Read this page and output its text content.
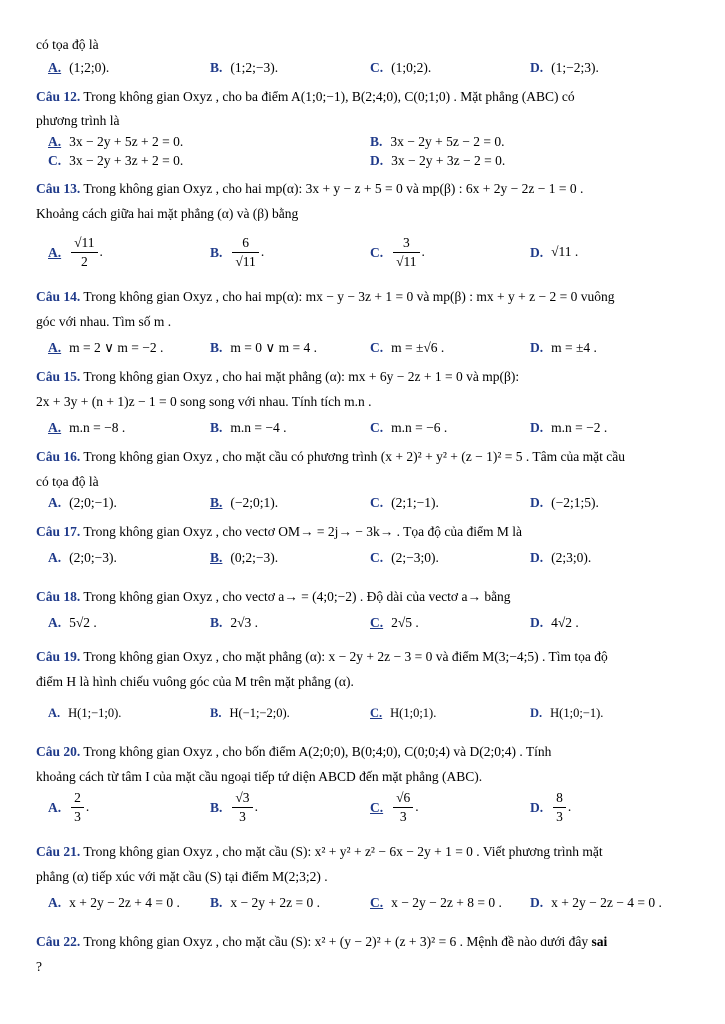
có tọa độ là
A. (1;2;0).	B. (1;2;−3).	C. (1;0;2).	D. (1;−2;3).
Câu 12. Trong không gian Oxyz , cho ba điểm A(1;0;−1), B(2;4;0), C(0;1;0) . Mặt phẳng (ABC) có
phương trình là
A. 3x − 2y + 5z + 2 = 0.	B. 3x − 2y + 5z − 2 = 0.
C. 3x − 2y + 3z + 2 = 0.	D. 3x − 2y + 3z − 2 = 0.
Câu 13. Trong không gian Oxyz , cho hai mp(α): 3x + y − z + 5 = 0 và mp(β) : 6x + 2y − 2z − 1 = 0 .
Khoảng cách giữa hai mặt phẳng (α) và (β) bằng
A. $\frac{√11}{2}$ .	B. $\frac{6}{√11}$ .	C. $\frac{3}{√11}$ .	D. √11 .
Câu 14. Trong không gian Oxyz , cho hai mp(α): mx − y − 3z + 1 = 0 và mp(β) : mx + y + z − 2 = 0 vuông
góc với nhau. Tìm số m .
A. m = 2 ∨ m = −2 .	B. m = 0 ∨ m = 4 .	C. m = ±√6 .	D. m = ±4 .
Câu 15. Trong không gian Oxyz , cho hai mặt phẳng (α): mx + 6y − 2z + 1 = 0 và mp(β):
2x + 3y + (n + 1)z − 1 = 0 song song với nhau. Tính tích m.n .
A. m.n = −8 .	B. m.n = −4 .	C. m.n = −6 .	D. m.n = −2 .
Câu 16. Trong không gian Oxyz , cho mặt cầu có phương trình (x + 2)² + y² + (z − 1)² = 5 . Tâm của mặt cầu
có tọa độ là
A. (2;0;−1).	B. (−2;0;1).	C. (2;1;−1).	D. (−2;1;5).
Câu 17. Trong không gian Oxyz , cho vectơ OM→ = 2j→ − 3k→ . Tọa độ của điểm M là
A. (2;0;−3).	B. (0;2;−3).	C. (2;−3;0).	D. (2;3;0).
Câu 18. Trong không gian Oxyz , cho vectơ a→ = (4;0;−2) . Độ dài của vectơ a→ bằng
A. 5√2 .	B. 2√3 .	C. 2√5 .	D. 4√2 .
Câu 19. Trong không gian Oxyz , cho mặt phẳng (α): x − 2y + 2z − 3 = 0 và điểm M(3;−4;5) . Tìm tọa độ
điểm H là hình chiếu vuông góc của M trên mặt phẳng (α).
A. H(1;−1;0).	B. H(−1;−2;0).	C. H(1;0;1).	D. H(1;0;−1).
Câu 20. Trong không gian Oxyz , cho bốn điểm A(2;0;0), B(0;4;0), C(0;0;4) và D(2;0;4) . Tính
khoảng cách từ tâm I của mặt cầu ngoại tiếp tứ diện ABCD đến mặt phẳng (ABC).
A. $\frac{2}{3}$ .	B. $\frac{√3}{3}$ .	C. $\frac{√6}{3}$ .	D. $\frac{8}{3}$ .
Câu 21. Trong không gian Oxyz , cho mặt cầu (S): x² + y² + z² − 6x − 2y + 1 = 0 . Viết phương trình mặt
phẳng (α) tiếp xúc với mặt cầu (S) tại điểm M(2;3;2) .
A. x + 2y − 2z + 4 = 0 . B. x − 2y + 2z = 0 .	C. x − 2y − 2z + 8 = 0 . D. x + 2y − 2z − 4 = 0 .
Câu 22. Trong không gian Oxyz , cho mặt cầu (S): x² + (y − 2)² + (z + 3)² = 6 . Mệnh đề nào dưới đây sai
?
